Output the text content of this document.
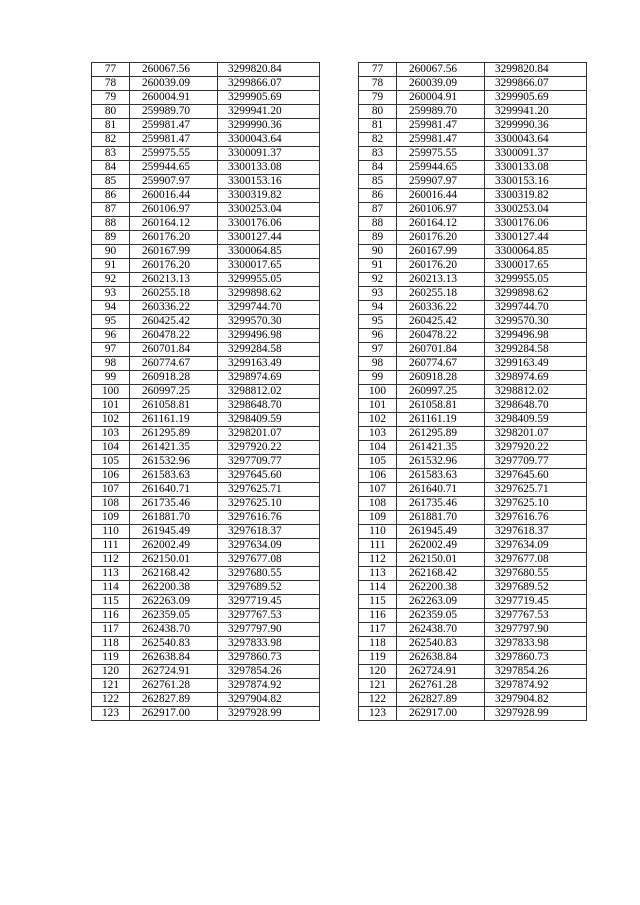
77	260067.56	3299820.84
78	260039.09	3299866.07
79	260004.91	3299905.69
80	259989.70	3299941.20
81	259981.47	3299990.36
82	259981.47	3300043.64
83	259975.55	3300091.37
84	259944.65	3300133.08
85	259907.97	3300153.16
86	260016.44	3300319.82
87	260106.97	3300253.04
88	260164.12	3300176.06
89	260176.20	3300127.44
90	260167.99	3300064.85
91	260176.20	3300017.65
92	260213.13	3299955.05
93	260255.18	3299898.62
94	260336.22	3299744.70
95	260425.42	3299570.30
96	260478.22	3299496.98
97	260701.84	3299284.58
98	260774.67	3299163.49
99	260918.28	3298974.69
100	260997.25	3298812.02
101	261058.81	3298648.70
102	261161.19	3298409.59
103	261295.89	3298201.07
104	261421.35	3297920.22
105	261532.96	3297709.77
106	261583.63	3297645.60
107	261640.71	3297625.71
108	261735.46	3297625.10
109	261881.70	3297616.76
110	261945.49	3297618.37
111	262002.49	3297634.09
112	262150.01	3297677.08
113	262168.42	3297680.55
114	262200.38	3297689.52
115	262263.09	3297719.45
116	262359.05	3297767.53
117	262438.70	3297797.90
118	262540.83	3297833.98
119	262638.84	3297860.73
120	262724.91	3297854.26
121	262761.28	3297874.92
122	262827.89	3297904.82
123	262917.00	3297928.99
77	260067.56	3299820.84
78	260039.09	3299866.07
79	260004.91	3299905.69
80	259989.70	3299941.20
81	259981.47	3299990.36
82	259981.47	3300043.64
83	259975.55	3300091.37
84	259944.65	3300133.08
85	259907.97	3300153.16
86	260016.44	3300319.82
87	260106.97	3300253.04
88	260164.12	3300176.06
89	260176.20	3300127.44
90	260167.99	3300064.85
91	260176.20	3300017.65
92	260213.13	3299955.05
93	260255.18	3299898.62
94	260336.22	3299744.70
95	260425.42	3299570.30
96	260478.22	3299496.98
97	260701.84	3299284.58
98	260774.67	3299163.49
99	260918.28	3298974.69
100	260997.25	3298812.02
101	261058.81	3298648.70
102	261161.19	3298409.59
103	261295.89	3298201.07
104	261421.35	3297920.22
105	261532.96	3297709.77
106	261583.63	3297645.60
107	261640.71	3297625.71
108	261735.46	3297625.10
109	261881.70	3297616.76
110	261945.49	3297618.37
111	262002.49	3297634.09
112	262150.01	3297677.08
113	262168.42	3297680.55
114	262200.38	3297689.52
115	262263.09	3297719.45
116	262359.05	3297767.53
117	262438.70	3297797.90
118	262540.83	3297833.98
119	262638.84	3297860.73
120	262724.91	3297854.26
121	262761.28	3297874.92
122	262827.89	3297904.82
123	262917.00	3297928.99
